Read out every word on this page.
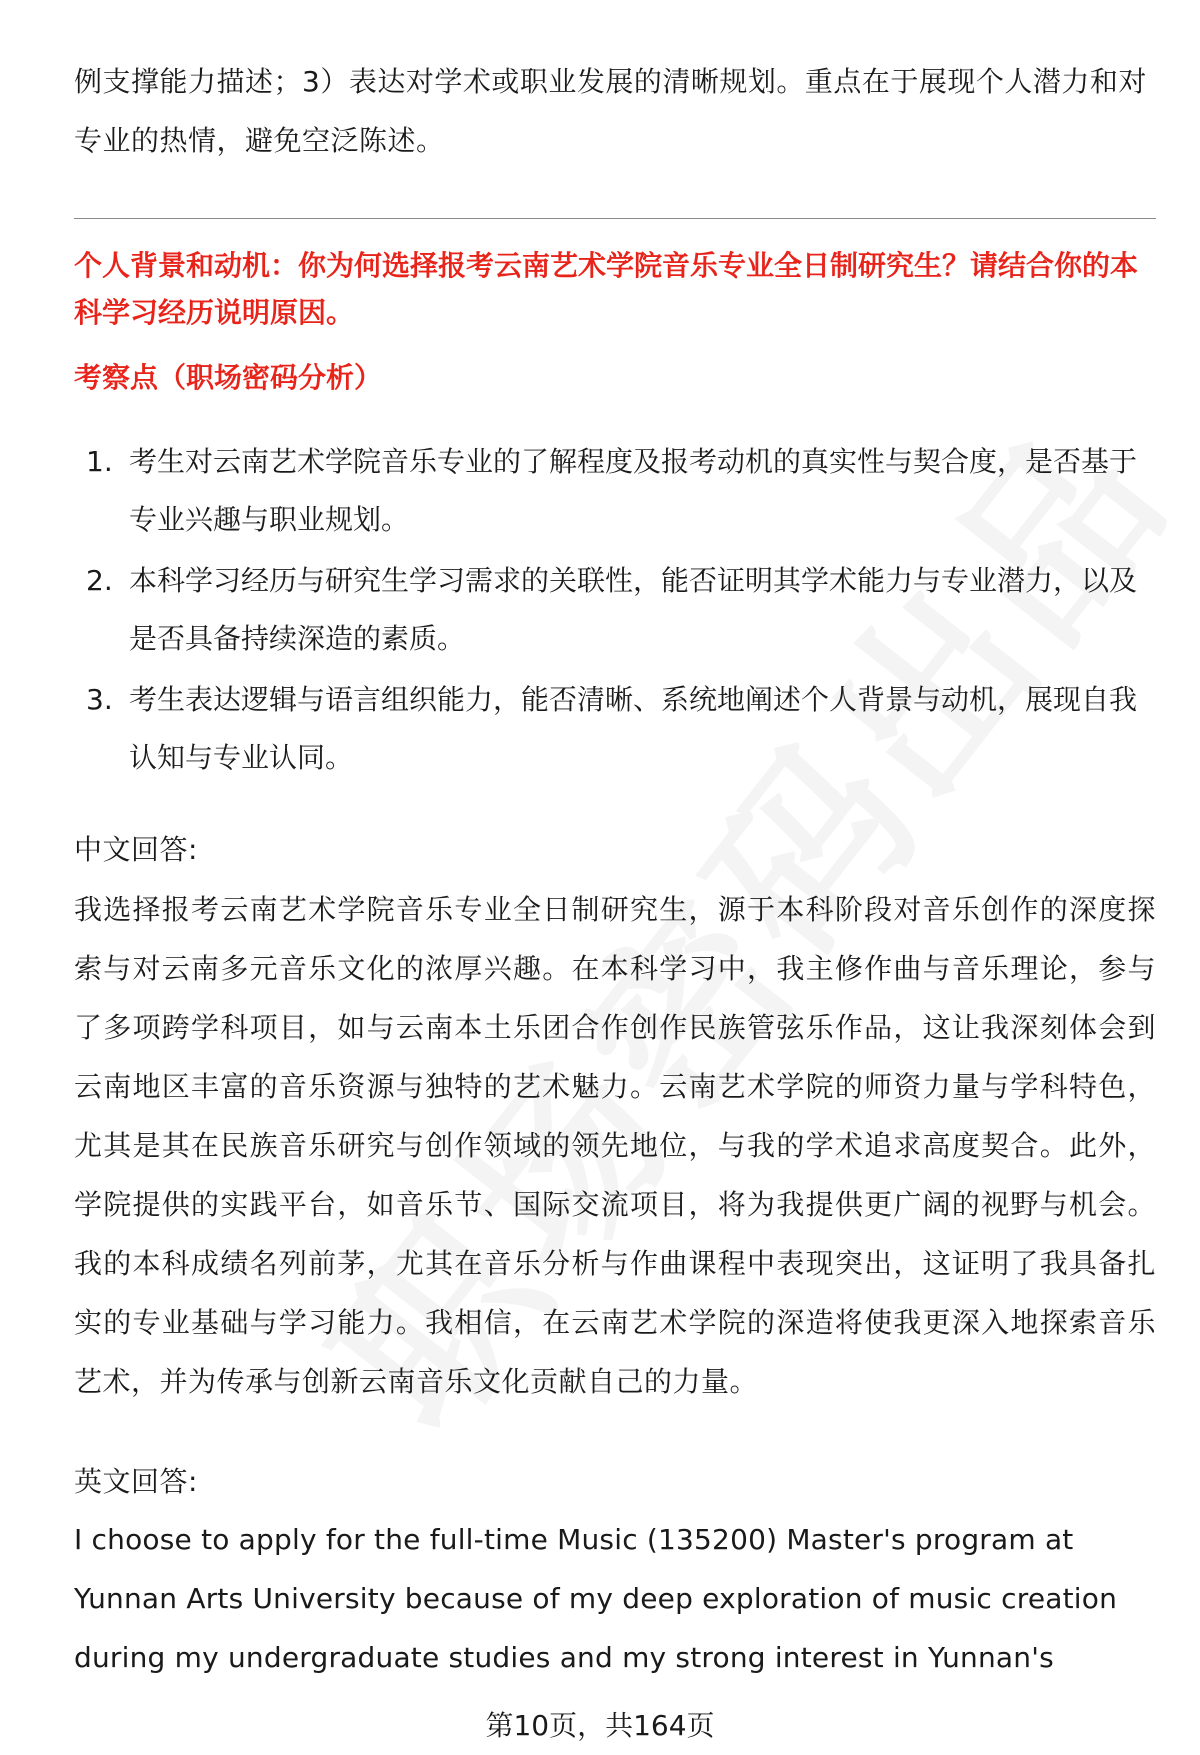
例支撑能力描述；3）表达对学术或职业发展的清晰规划。重点在于展现个人潜力和对专业的热情，避免空泛陈述。

个人背景和动机：你为何选择报考云南艺术学院音乐专业全日制研究生？请结合你的本科学习经历说明原因。

考察点（职场密码分析）

1. 考生对云南艺术学院音乐专业的了解程度及报考动机的真实性与契合度，是否基于专业兴趣与职业规划。
2. 本科学习经历与研究生学习需求的关联性，能否证明其学术能力与专业潜力，以及是否具备持续深造的素质。
3. 考生表达逻辑与语言组织能力，能否清晰、系统地阐述个人背景与动机，展现自我认知与专业认同。

中文回答:

我选择报考云南艺术学院音乐专业全日制研究生，源于本科阶段对音乐创作的深度探索与对云南多元音乐文化的浓厚兴趣。在本科学习中，我主修作曲与音乐理论，参与了多项跨学科项目，如与云南本土乐团合作创作民族管弦乐作品，这让我深刻体会到云南地区丰富的音乐资源与独特的艺术魅力。云南艺术学院的师资力量与学科特色，尤其是其在民族音乐研究与创作领域的领先地位，与我的学术追求高度契合。此外，学院提供的实践平台，如音乐节、国际交流项目，将为我提供更广阔的视野与机会。我的本科成绩名列前茅，尤其在音乐分析与作曲课程中表现突出，这证明了我具备扎实的专业基础与学习能力。我相信，在云南艺术学院的深造将使我更深入地探索音乐艺术，并为传承与创新云南音乐文化贡献自己的力量。

英文回答:

I choose to apply for the full-time Music (135200) Master's program at Yunnan Arts University because of my deep exploration of music creation during my undergraduate studies and my strong interest in Yunnan's

第10页，共164页
